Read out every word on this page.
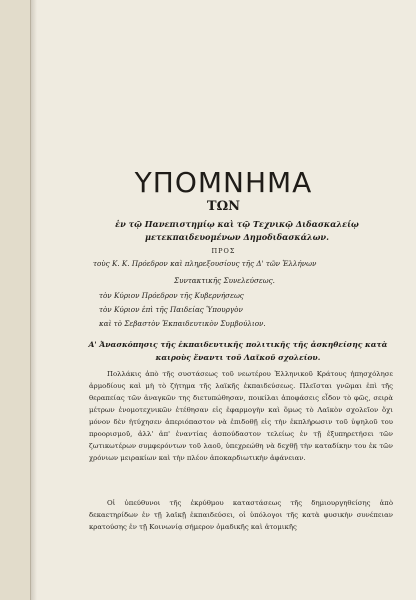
ΥΠΟΜΝΗΜΑ
ΤΩΝ
ἐν τῷ Πανεπιστημίῳ καὶ τῷ Τεχνικῷ Διδασκαλείῳ μετεκπαιδευομένων Δημοδιδασκάλων.
ΠΡΟΣ
τοὺς Κ. Κ. Πρόεδρον καὶ πληρεξουσίους τῆς Δ' τῶν Ἑλλήνων
Συντακτικῆς Συνελεύσεως.
τὸν Κύριον Πρόεδρον τῆς Κυβερνήσεως
τὸν Κύριον ἐπὶ τῆς Παιδείας Ὑπουργὸν
καὶ τὸ Σεβαστὸν Ἐκπαιδευτικὸν Συμβούλιον.
Α' Ἀνασκόπησις τῆς ἐκπαιδευτικῆς πολιτικῆς τῆς ἀσκηθείσης κατὰ καιροὺς ἔναντι τοῦ Λαϊκοῦ σχολείου.
Πολλάκις ἀπὸ τῆς συστάσεως τοῦ νεωτέρου Ἑλληνικοῦ Κράτους ἠπησχόλησε ἁρμοδίους καὶ μὴ τὸ ζήτημα τῆς λαϊκῆς ἐκπαιδεύσεως. Πλεῖσται γνῶμαι ἐπὶ τῆς θεραπείας τῶν ἀναγκῶν της διετυπώθησαν, ποικίλαι ἀποφάσεις εἶδον τὸ φῶς, σειρὰ μέτρων ἐνομοτεχνικῶν ἐτέθησαν εἰς ἐφαρμογὴν καὶ ὅμως τὸ Λαϊκὸν σχολεῖον ὄχι μόνον δὲν ἠτύχησεν ἀπεριόπαστον νὰ ἐπιδοθῇ εἰς τὴν ἐκπλήρωσιν τοῦ ὑψηλοῦ του προορισμοῦ, ἀλλ' ἀπ' ἐναντίας ἀσπούδαστον τελείως ἐν τῇ ἐξυπηρετήσει τῶν ζωτικωτέρων συμφερόντων τοῦ λαοῦ, ὑπεχρεώθη νὰ δεχθῇ τὴν καταδίκην του ἐκ τῶν χρόνιων μειρακίων καὶ τὴν πλέον ἀποκαρδιωτικὴν ἀφάνειαν.
Οἱ ὑπεύθυνοι τῆς ἐκρύθμου καταστάσεως τῆς δημιουργηθείσης ἀπὸ δεκαετηρίδων ἐν τῇ λαϊκῇ ἐκπαιδεύσει, οἱ ὑπόλογοι τῆς κατὰ φυσικὴν συνέπειαν κρατούσης ἐν τῇ Κοινωνίᾳ σήμερον ὁμαδικῆς καὶ ἀτομικῆς
